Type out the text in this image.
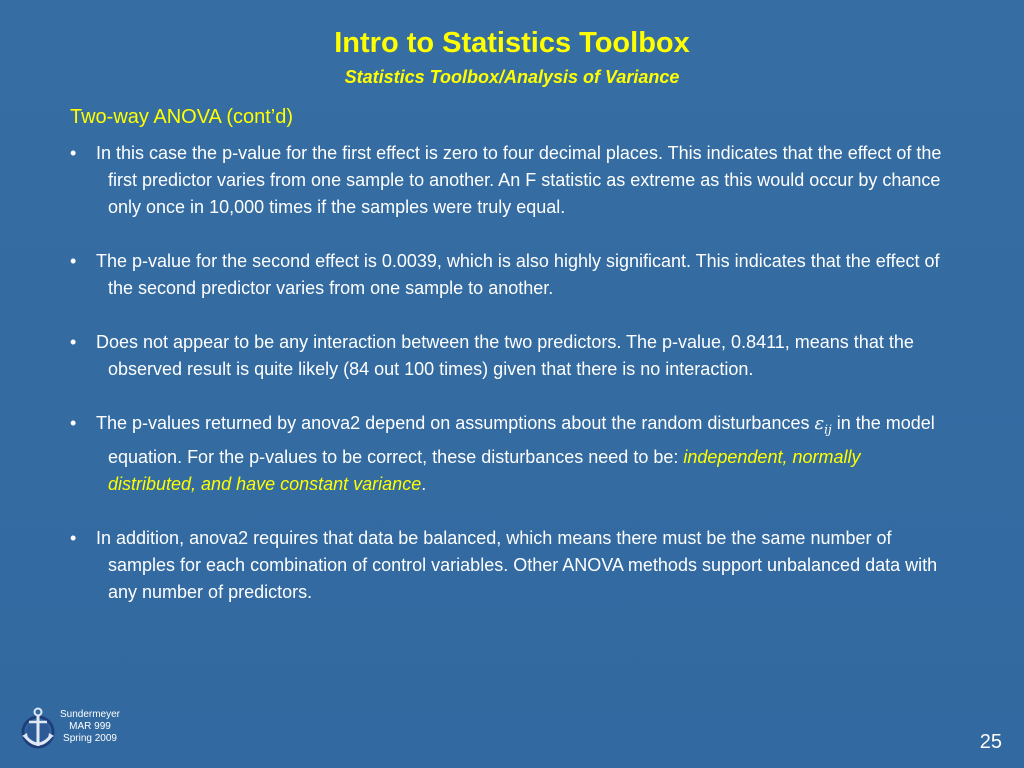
Intro to Statistics Toolbox
Statistics Toolbox/Analysis of Variance
Two-way ANOVA (cont’d)
•	In this case the p-value for the first effect is zero to four decimal places. This indicates that the effect of the first predictor varies from one sample to another. An F statistic as extreme as this would occur by chance only once in 10,000 times if the samples were truly equal.
•	The p-value for the second effect is 0.0039, which is also highly significant. This indicates that the effect of the second predictor varies from one sample to another.
•	Does not appear to be any interaction between the two predictors. The p-value, 0.8411, means that the observed result is quite likely (84 out 100 times) given that there is no interaction.
•	The p-values returned by anova2 depend on assumptions about the random disturbances $\varepsilon_{ij}$ in the model equation. For the p-values to be correct, these disturbances need to be: independent, normally distributed, and have constant variance.
•	In addition, anova2 requires that data be balanced, which means there must be the same number of samples for each combination of control variables. Other ANOVA methods support unbalanced data with any number of predictors.
Sundermeyer
MAR 999
Spring 2009	25
